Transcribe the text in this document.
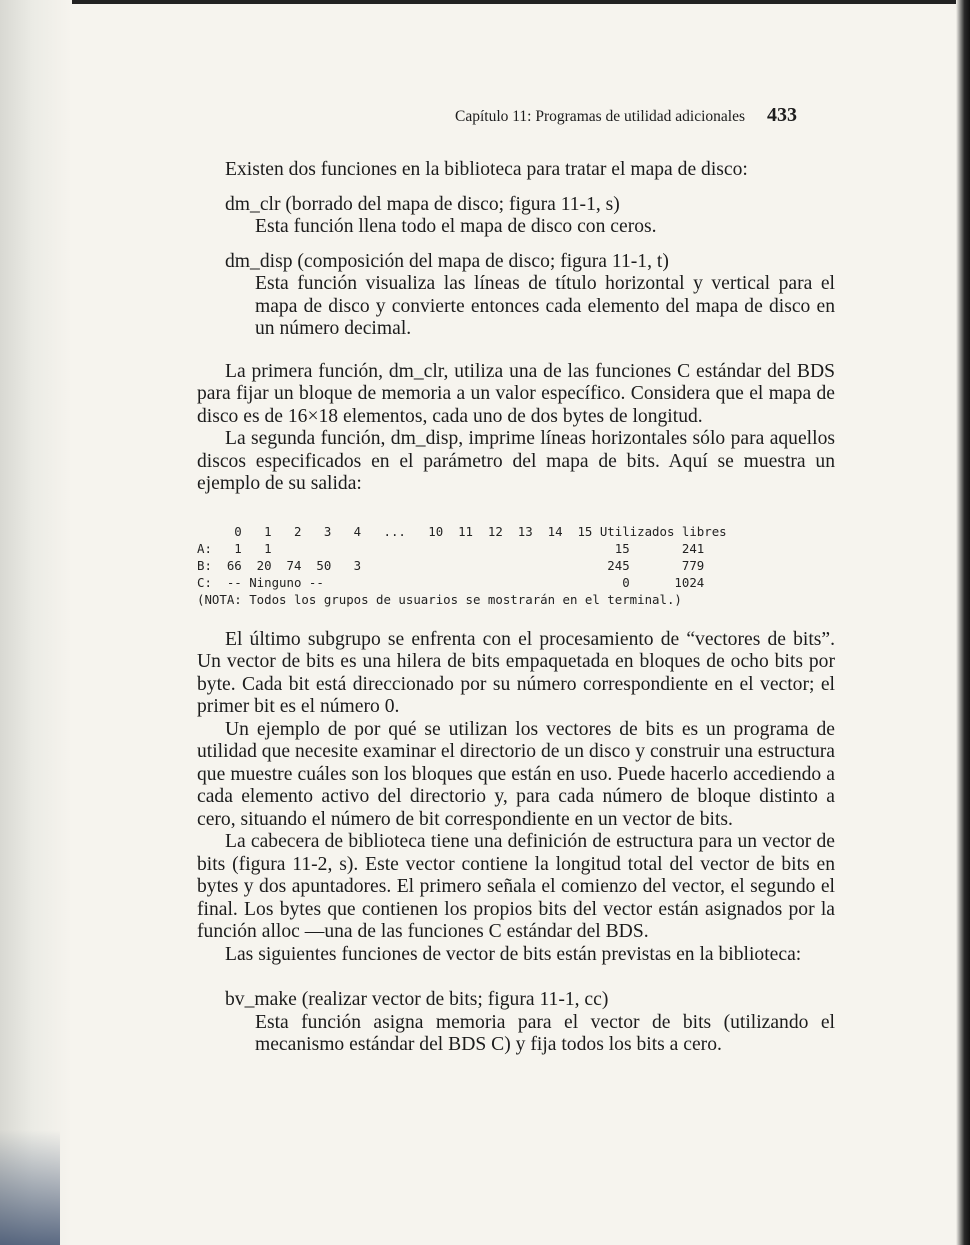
Capítulo 11: Programas de utilidad adicionales 433

Existen dos funciones en la biblioteca para tratar el mapa de disco:

dm_clr (borrado del mapa de disco; figura 11-1, s)

Esta función llena todo el mapa de disco con ceros.

dm_disp (composición del mapa de disco; figura 11-1, t)

Esta función visualiza las líneas de título horizontal y vertical para el mapa de disco y convierte entonces cada elemento del mapa de disco en un número decimal.

La primera función, dm_clr, utiliza una de las funciones C estándar del BDS para fijar un bloque de memoria a un valor específico. Considera que el mapa de disco es de 16×18 elementos, cada uno de dos bytes de longitud.

La segunda función, dm_disp, imprime líneas horizontales sólo para aquellos discos especificados en el parámetro del mapa de bits. Aquí se muestra un ejemplo de su salida:

0   1   2   3   4   ...   10  11  12  13  14  15 Utilizados libres
A:   1   1                                              15       241
B:  66  20  74  50   3                                 245       779
C:  -- Ninguno --                                        0      1024
(NOTA: Todos los grupos de usuarios se mostrarán en el terminal.)

El último subgrupo se enfrenta con el procesamiento de “vectores de bits”. Un vector de bits es una hilera de bits empaquetada en bloques de ocho bits por byte. Cada bit está direccionado por su número correspondiente en el vector; el primer bit es el número 0.

Un ejemplo de por qué se utilizan los vectores de bits es un programa de utilidad que necesite examinar el directorio de un disco y construir una estructura que muestre cuáles son los bloques que están en uso. Puede hacerlo accediendo a cada elemento activo del directorio y, para cada número de bloque distinto a cero, situando el número de bit correspondiente en un vector de bits.

La cabecera de biblioteca tiene una definición de estructura para un vector de bits (figura 11-2, s). Este vector contiene la longitud total del vector de bits en bytes y dos apuntadores. El primero señala el comienzo del vector, el segundo el final. Los bytes que contienen los propios bits del vector están asignados por la función alloc —una de las funciones C estándar del BDS.

Las siguientes funciones de vector de bits están previstas en la biblioteca:

bv_make (realizar vector de bits; figura 11-1, cc)

Esta función asigna memoria para el vector de bits (utilizando el mecanismo estándar del BDS C) y fija todos los bits a cero.
